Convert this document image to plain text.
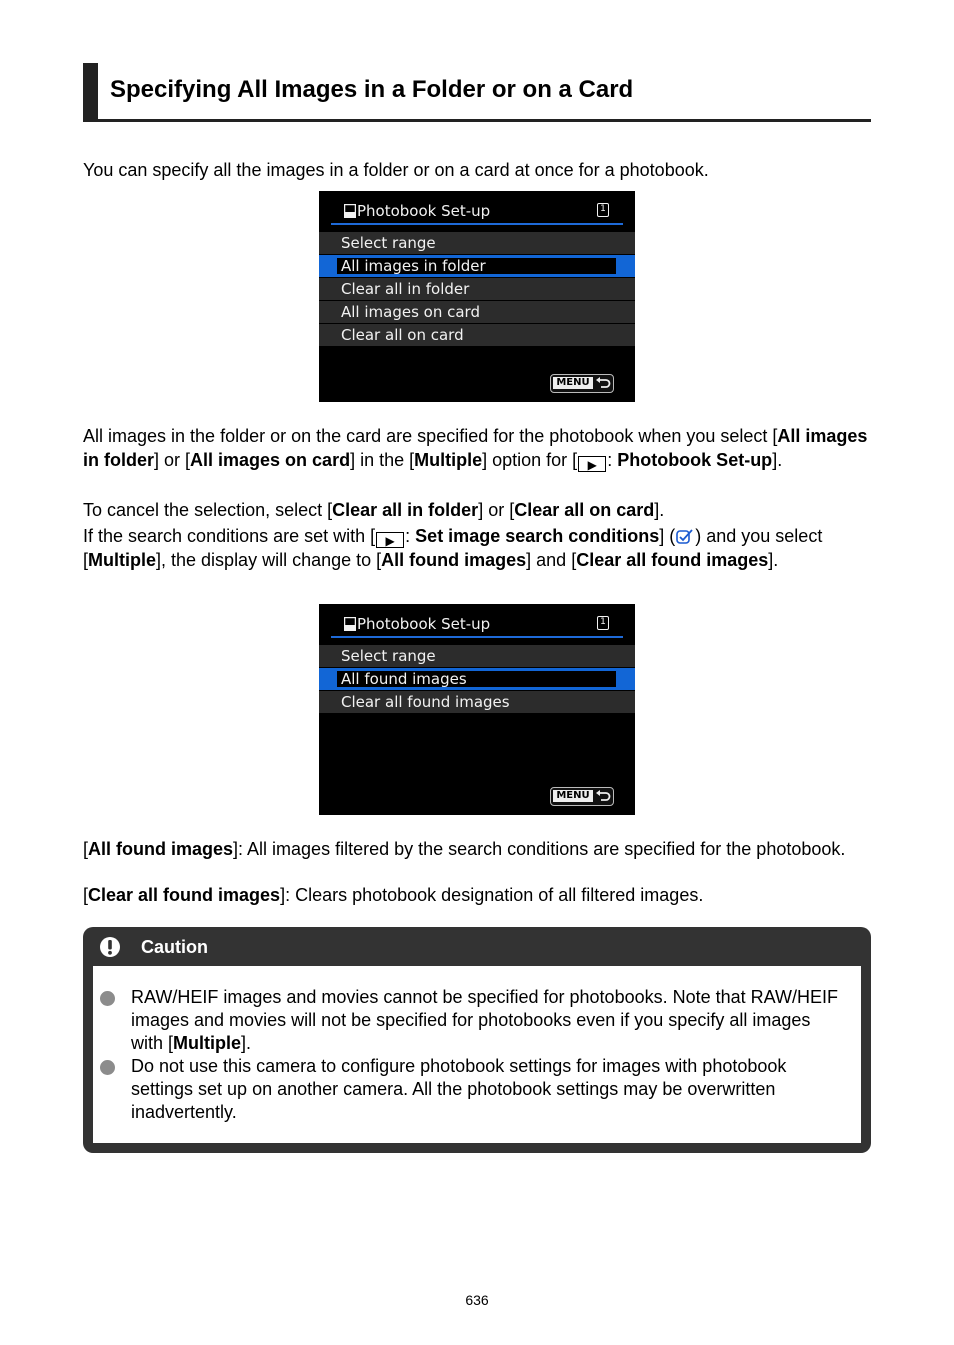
Specifying All Images in a Folder or on a Card
You can specify all the images in a folder or on a card at once for a photobook.
Photobook Set-up	1
Select range
All images in folder
Clear all in folder
All images on card
Clear all on card
MENU
All images in the folder or on the card are specified for the photobook when you select [All images in folder] or [All images on card] in the [Multiple] option for [ ▶ : Photobook Set-up].
To cancel the selection, select [Clear all in folder] or [Clear all on card].
If the search conditions are set with [ ▶ : Set image search conditions] ( ) and you select [Multiple], the display will change to [All found images] and [Clear all found images].
Photobook Set-up	1
Select range
All found images
Clear all found images
MENU
[All found images]: All images filtered by the search conditions are specified for the photobook.
[Clear all found images]: Clears photobook designation of all filtered images.
Caution
RAW/HEIF images and movies cannot be specified for photobooks. Note that RAW/HEIF images and movies will not be specified for photobooks even if you specify all images with [Multiple].
Do not use this camera to configure photobook settings for images with photobook settings set up on another camera. All the photobook settings may be overwritten inadvertently.
636
